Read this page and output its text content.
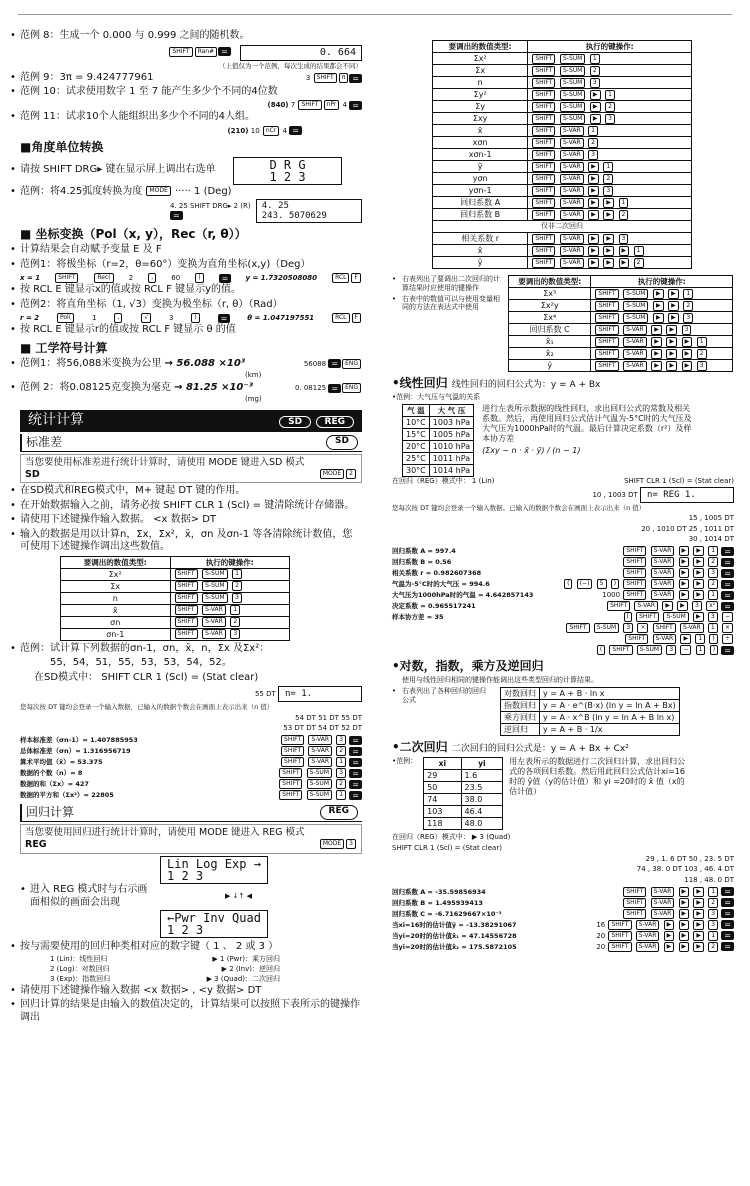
• 范例 8：生成一个 0.000 与 0.999 之间的随机数。

SHIFT Ran# =	0. 664

（上值仅为一个范例，每次生成的结果都会不同）

• 范例 9：3π = 9.424777961	3 SHIFT π =

• 范例 10：试求使用数字 1 至 7 能产生多少个不同的4位数

(840) 7 SHIFT nPr 4 =

• 范例 11：试求10个人能组织出多少个不同的4人组。

(210) 10 nCr 4 =

■角度单位转换

• 请按 SHIFT DRG▸ 键在显示屏上调出右选单	D R G
1 2 3
• 范例：将4.25弧度转换为度 MODE ····· 1 (Deg)
4. 25 SHIFT DRG▸ 2 (R) =
4. 25
243. 5070629

■ 坐标变换（Pol（x, y），Rec（r, θ））

• 计算结果会自动赋予变量 E 及 F

• 范例1：将极坐标（r=2，θ=60°）变换为直角坐标(x,y)（Deg）

x = 1	SHIFT	Rec(	2	,	60	)	=	y = 1.7320508080	RCL F

• 按 RCL E 键显示x的值或按 RCL F 键显示y的值。

• 范例2：将直角坐标（1, √3）变换为极坐标（r, θ）（Rad）

r = 2	Pol(	1	,	√	3	)	=	θ = 1.047197551	RCL F

• 按 RCL E 键显示r的值或按 RCL F 键显示 θ 的值

■ 工学符号计算

• 范例1：将56,088米变换为公里 → 56.088 ×10³	56088 = ENG

(km)

• 范例 2：将0.08125克变换为毫克 → 81.25 ×10⁻³	0. 08125 = ENG

(mg)

统计计算	SD REG
标准差	SD
当您要使用标准差进行统计计算时，请使用 MODE 键进入SD 模式
SD	MODE 2

• 在SD模式和REG模式中，M+ 键起 DT 键的作用。

• 在开始数据输入之前，请务必按 SHIFT CLR 1 (Scl) = 键清除统计存储器。

• 请使用下述键操作输入数据。 <x 数据> DT

• 输入的数据是用以计算n，Σx，Σx²，x̄，σn 及σn-1 等各清除统计数值，您可使用下述键操作调出这些数值。

要调出的数值类型:	执行的键操作:
Σx²	SHIFT S-SUM 1
Σx	SHIFT S-SUM 2
n	SHIFT S-SUM 3
x̄	SHIFT S-VAR 1
σn	SHIFT S-VAR 2
σn-1	SHIFT S-VAR 3

• 范例：试计算下列数据的σn-1，σn，x̄，n，Σx 及Σx²：

55，54，51，55，53，53，54，52。

在SD模式中： SHIFT CLR 1 (Scl) = (Stat clear)

55 DT n= 1.

您每次按 DT 键均会登录一个输入数据，已输入的数据个数会在画面上表示出来（n 值）

54 DT 51 DT 55 DT

53 DT DT 54 DT 52 DT

样本标准差（σn-1）= 1.407885953	SHIFT S-VAR 3 =
总体标准差（σn）= 1.316956719	SHIFT S-VAR 2 =
算术平均值（x̄）= 53.375	SHIFT S-VAR 1 =
数据的个数（n）= 8	SHIFT S-SUM 3 =
数据的和（Σx）= 427	SHIFT S-SUM 2 =
数据的平方和（Σx²）= 22805	SHIFT S-SUM 1 =
回归计算	REG
当您要使用回归进行统计计算时，请使用 MODE 键进入 REG 模式
REG	MODE 3
Lin Log Exp →
1 2 3
• 进入 REG 模式时与右示画面相似的画面会出现
▶ ↓↑ ◀
←Pwr Inv Quad
1 2 3

• 按与需要使用的回归种类相对应的数字键（ 1 、 2 或 3 ）

1 (Lin)：线性回归	▶ 1 (Pwr)：乘方回归
2 (Log)：对数回归	▶ 2 (Inv)：逆回归
3 (Exp)：指数回归	▶ 3 (Quad)：二次回归

• 请使用下述键操作输入数据 <x 数据> , <y 数据> DT

• 回归计算的结果是由输入的数值决定的，计算结果可以按照下表所示的键操作调出

要调出的数值类型:	执行的键操作:
Σx²	SHIFT S-SUM 1
Σx	SHIFT S-SUM 2
n	SHIFT S-SUM 3
Σy²	SHIFT S-SUM ▶ 1
Σy	SHIFT S-SUM ▶ 2
Σxy	SHIFT S-SUM ▶ 3
x̄	SHIFT S-VAR 1
xσn	SHIFT S-VAR 2
xσn-1	SHIFT S-VAR 3
ȳ	SHIFT S-VAR ▶ 1
yσn	SHIFT S-VAR ▶ 2
yσn-1	SHIFT S-VAR ▶ 3
回归系数 A	SHIFT S-VAR ▶ ▶ 1
回归系数 B	SHIFT S-VAR ▶ ▶ 2
仅非二次回归	
相关系数 r	SHIFT S-VAR ▶ ▶ 3
x̂	SHIFT S-VAR ▶ ▶ ▶ 1
ŷ	SHIFT S-VAR ▶ ▶ ▶ 2

• 右表列出了要调出二次回归的计算结果时应使用的键操作

• 右表中的数值可以与使用变量相同的方法在表达式中使用

要调出的数值类型:	执行的键操作:
Σx³	SHIFT S-SUM ▶ ▶ 1
Σx²y	SHIFT S-SUM ▶ ▶ 2
Σx⁴	SHIFT S-SUM ▶ ▶ 3
回归系数 C	SHIFT S-VAR ▶ ▶ 3
x̂₁	SHIFT S-VAR ▶ ▶ ▶ 1
x̂₂	SHIFT S-VAR ▶ ▶ ▶ 2
ŷ	SHIFT S-VAR ▶ ▶ ▶ 3

•线性回归 线性回归的回归公式为：y = A + Bx

•范例：大气压与气温的关系

气 温	大 气 压
10°C	1003 hPa
15°C	1005 hPa
20°C	1010 hPa
25°C	1011 hPa
30°C	1014 hPa
进行左表所示数据的线性回归，求出回归公式的常数及相关系数。然后，再使用回归公式估计气温为-5°C时的大气压及大气压为1000hPa时的气温。最后计算决定系数（r²）及样本协方差
(Σxy − n · x̄ · ȳ) / (n − 1)
在回归（REG）模式中： 1 (Lin)	SHIFT CLR 1 (Scl) = (Stat clear)
10 , 1003 DT n= REG 1.

您每次按 DT 键均会登录一个输入数据。已输入的数据个数会在画面上表示出来（n 值）

15 , 1005 DT

20 , 1010 DT 25 , 1011 DT

30 , 1014 DT

回归系数 A = 997.4	SHIFT S-VAR ▶ ▶ 1 =
回归系数 B = 0.56	SHIFT S-VAR ▶ ▶ 2 =
相关系数 r = 0.982607368	SHIFT S-VAR ▶ ▶ 3 =
气温为-5°C时的大气压 = 994.6	( (−) 5 ) SHIFT S-VAR ▶ ▶ 2 =
大气压为1000hPa时的气温 = 4.642857143	1000 SHIFT S-VAR ▶ ▶ 1 =
决定系数 = 0.965517241	SHIFT S-VAR ▶ ▶ 3 x² =
样本协方差 = 35	( SHIFT S-SUM ▶ 3 −
SHIFT S-SUM 3 × SHIFT S-VAR 1 ×
SHIFT S-VAR ▶ 1 ) ÷
( SHIFT S-SUM 3 − 1 ) =

•对数，指数，乘方及逆回归

使用与线性回归相同的键操作能调出这些类型回归的计算结果。

• 右表列出了各种回归的回归公式

对数回归	y = A + B · ln x
指数回归	y = A · e^(B·x) (ln y = ln A + Bx)
乘方回归	y = A · x^B (ln y = ln A + B ln x)
逆回归	y = A + B · 1/x

•二次回归 二次回归的回归公式是：y = A + Bx + Cx²

•范例：	xi	yi
29	1.6
50	23.5
74	38.0
103	46.4
118	48.0
用左表所示的数据进行二次回归计算，求出回归公式的各项回归系数。然后用此回归公式估计xi=16时的 ŷ值（y的估计值）和 yi =20时的 x̂ 值（x的估计值）

在回归（REG）模式中： ▶ 3 (Quad)

SHIFT CLR 1 (Scl) = (Stat clear)

29 , 1. 6 DT 50 , 23. 5 DT

74 , 38. 0 DT 103 , 46. 4 DT

118 , 48. 0 DT

回归系数 A = -35.59856934	SHIFT S-VAR ▶ ▶ 1 =
回归系数 B = 1.495939413	SHIFT S-VAR ▶ ▶ 2 =
回归系数 C = -6.71629667×10⁻³	SHIFT S-VAR ▶ ▶ 3 =
当xi=16时的估计值ŷ = -13.38291067	16 SHIFT S-VAR ▶ ▶ ▶ 3 =
当yi=20时的估计值x̂₁ = 47.14556728	20 SHIFT S-VAR ▶ ▶ ▶ 1 =
当yi=20时的估计值x̂₂ = 175.5872105	20 SHIFT S-VAR ▶ ▶ ▶ 2 =
